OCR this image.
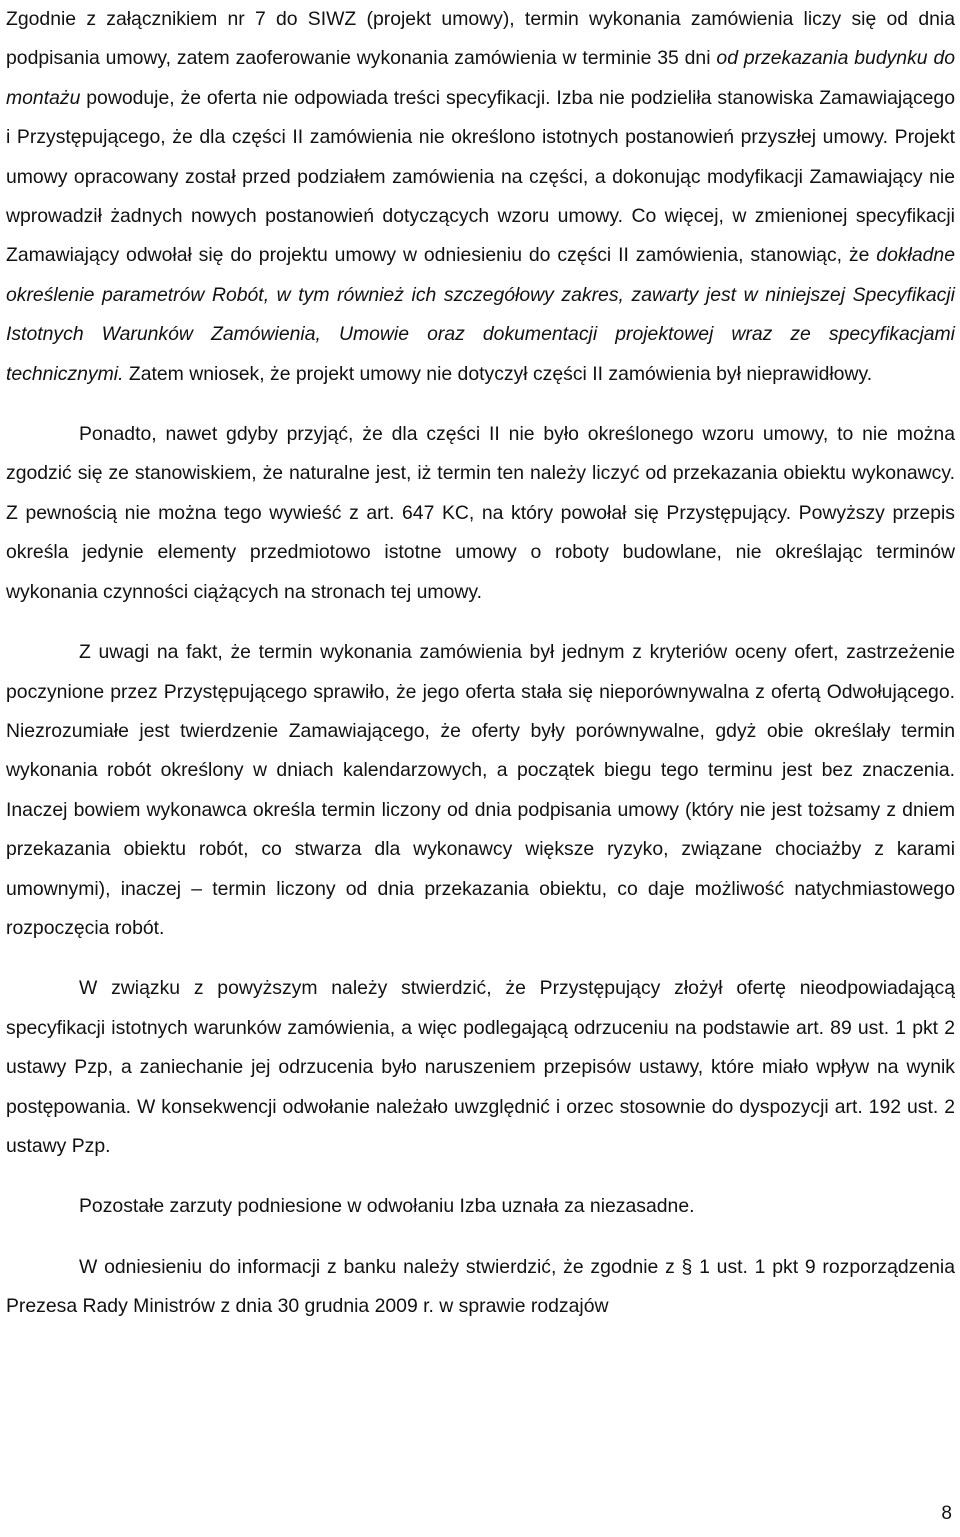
Zgodnie z załącznikiem nr 7 do SIWZ (projekt umowy), termin wykonania zamówienia liczy się od dnia podpisania umowy, zatem zaoferowanie wykonania zamówienia w terminie 35 dni od przekazania budynku do montażu powoduje, że oferta nie odpowiada treści specyfikacji. Izba nie podzieliła stanowiska Zamawiającego i Przystępującego, że dla części II zamówienia nie określono istotnych postanowień przyszłej umowy. Projekt umowy opracowany został przed podziałem zamówienia na części, a dokonując modyfikacji Zamawiający nie wprowadził żadnych nowych postanowień dotyczących wzoru umowy. Co więcej, w zmienionej specyfikacji Zamawiający odwołał się do projektu umowy w odniesieniu do części II zamówienia, stanowiąc, że dokładne określenie parametrów Robót, w tym również ich szczegółowy zakres, zawarty jest w niniejszej Specyfikacji Istotnych Warunków Zamówienia, Umowie oraz dokumentacji projektowej wraz ze specyfikacjami technicznymi. Zatem wniosek, że projekt umowy nie dotyczył części II zamówienia był nieprawidłowy.

Ponadto, nawet gdyby przyjąć, że dla części II nie było określonego wzoru umowy, to nie można zgodzić się ze stanowiskiem, że naturalne jest, iż termin ten należy liczyć od przekazania obiektu wykonawcy. Z pewnością nie można tego wywieść z art. 647 KC, na który powołał się Przystępujący. Powyższy przepis określa jedynie elementy przedmiotowo istotne umowy o roboty budowlane, nie określając terminów wykonania czynności ciążących na stronach tej umowy.

Z uwagi na fakt, że termin wykonania zamówienia był jednym z kryteriów oceny ofert, zastrzeżenie poczynione przez Przystępującego sprawiło, że jego oferta stała się nieporównywalna z ofertą Odwołującego. Niezrozumiałe jest twierdzenie Zamawiającego, że oferty były porównywalne, gdyż obie określały termin wykonania robót określony w dniach kalendarzowych, a początek biegu tego terminu jest bez znaczenia. Inaczej bowiem wykonawca określa termin liczony od dnia podpisania umowy (który nie jest tożsamy z dniem przekazania obiektu robót, co stwarza dla wykonawcy większe ryzyko, związane chociażby z karami umownymi), inaczej – termin liczony od dnia przekazania obiektu, co daje możliwość natychmiastowego rozpoczęcia robót.

W związku z powyższym należy stwierdzić, że Przystępujący złożył ofertę nieodpowiadającą specyfikacji istotnych warunków zamówienia, a więc podlegającą odrzuceniu na podstawie art. 89 ust. 1 pkt 2 ustawy Pzp, a zaniechanie jej odrzucenia było naruszeniem przepisów ustawy, które miało wpływ na wynik postępowania. W konsekwencji odwołanie należało uwzględnić i orzec stosownie do dyspozycji art. 192 ust. 2 ustawy Pzp.

Pozostałe zarzuty podniesione w odwołaniu Izba uznała za niezasadne.

W odniesieniu do informacji z banku należy stwierdzić, że zgodnie z § 1 ust. 1 pkt 9 rozporządzenia Prezesa Rady Ministrów z dnia 30 grudnia 2009 r. w sprawie rodzajów

8
